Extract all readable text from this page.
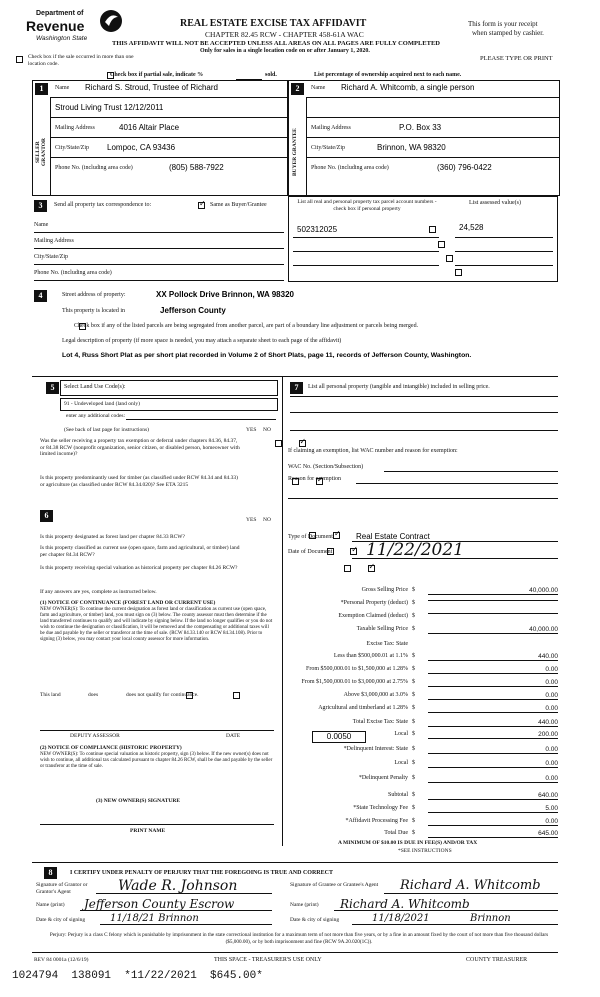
Department of
Revenue
Washington State
REAL ESTATE EXCISE TAX AFFIDAVIT
CHAPTER 82.45 RCW - CHAPTER 458-61A WAC
This form is your receipt
when stamped by cashier.
THIS AFFIDAVIT WILL NOT BE ACCEPTED UNLESS ALL AREAS ON ALL PAGES ARE FULLY COMPLETED
Only for sales in a single location code on or after January 1, 2020.
PLEASE TYPE OR PRINT

Check box if the sale occurred in more than one location code.

Check box if partial sale, indicate %	sold.	List percentage of ownership acquired next to each name.
1
SELLER GRANTOR
Name Richard S. Stroud, Trustee of Richard
Stroud Living Trust 12/12/2011
Mailing Address	4016 Altair Place
City/State/Zip Lompoc, CA 93436
Phone No. (including area code)	(805) 588-7922
2
BUYER GRANTEE
Name Richard A. Whitcomb, a single person
Mailing Address	P.O. Box 33
City/State/Zip	Brinnon, WA 98320
Phone No. (including area code)	(360) 796-0422
3	Send all property tax correspondence to: ✓	Same as Buyer/Grantee
Name
Mailing Address
City/State/Zip
Phone No. (including area code)
List all real and personal property tax parcel account numbers - check box if personal property
List assessed value(s)
502312025
	24,528

4	Street address of property:	XX Pollock Drive Brinnon, WA 98320
This property is located in	Jefferson County

Check box if any of the listed parcels are being segregated from another parcel, are part of a boundary line adjustment or parcels being merged.
Legal description of property (if more space is needed, you may attach a separate sheet to each page of the affidavit)
Lot 4, Russ Short Plat as per short plat recorded in Volume 2 of Short Plats, page 11, records of Jefferson County, Washington.
5	Select Land Use Code(s):
91 - Undeveloped land (land only)
enter any additional codes:
(See back of last page for instructions)	YES NO
Was the seller receiving a property tax exemption or deferral under chapters 84.36, 84.37, or 84.38 RCW (nonprofit organization, senior citizen, or disabled person, homeowner with limited income)?
✓
Is this property predominantly used for timber (as classified under RCW 84.34 and 84.33) or agriculture (as classified under RCW 84.34.020)? See ETA 3215
✓
6	YES NO
Is this property designated as forest land per chapter 84.33 RCW?
✓
Is this property classified as current use (open space, farm and agricultural, or timber) land per chapter 84.34 RCW?
✓
Is this property receiving special valuation as historical property per chapter 84.26 RCW?
✓
If any answers are yes, complete as instructed below.
(1) NOTICE OF CONTINUANCE (FOREST LAND OR CURRENT USE)
NEW OWNER(S): To continue the current designation as forest land or classification as current use (open space, farm and agriculture, or timber) land, you must sign on (3) below. The county assessor must then determine if the land transferred continues to qualify and will indicate by signing below. If the land no longer qualifies or you do not wish to continue the designation or classification, it will be removed and the compensating or additional taxes will be due and payable by the seller or transferor at the time of sale. (RCW 84.33.140 or RCW 84.34.108). Prior to signing (3) below, you may contact your local county assessor for more information.
This land
	does	does not qualify for continuance.
DEPUTY ASSESSOR	DATE
(2) NOTICE OF COMPLIANCE (HISTORIC PROPERTY)
NEW OWNER(S): To continue special valuation as historic property, sign (3) below. If the new owner(s) does not wish to continue, all additional tax calculated pursuant to chapter 84.26 RCW, shall be due and payable by the seller or transferor at the time of sale.
(3) NEW OWNER(S) SIGNATURE
PRINT NAME
7	List all personal property (tangible and intangible) included in selling price.
If claiming an exemption, list WAC number and reason for exemption:
WAC No. (Section/Subsection)
Reason for exemption
Type of Document	Real Estate Contract
Date of Document 11/22/2021
Gross Selling Price $	40,000.00
*Personal Property (deduct) $
Exemption Claimed (deduct) $
Taxable Selling Price $	40,000.00
Excise Tax: State
Less than $500,000.01 at 1.1% $	440.00
From $500,000.01 to $1,500,000 at 1.28% $	0.00
From $1,500,000.01 to $3,000,000 at 2.75% $	0.00
Above $3,000,000 at 3.0% $	0.00
Agricultural and timberland at 1.28% $	0.00
Total Excise Tax: State $	440.00
Local $	200.00
*Delinquent Interest: State $	0.00
Local $	0.00
*Delinquent Penalty $	0.00
Subtotal $	640.00
*State Technology Fee $	5.00
*Affidavit Processing Fee $	0.00
Total Due $	645.00
0.0050
A MINIMUM OF $10.00 IS DUE IN FEE(S) AND/OR TAX
*SEE INSTRUCTIONS
8	I CERTIFY UNDER PENALTY OF PERJURY THAT THE FOREGOING IS TRUE AND CORRECT
Signature of Grantor or Grantor's Agent	Wade R. Johnson
Name (print) Jefferson County Escrow
Date & city of signing 11/18/21 Brinnon
Signature of Grantee or Grantee's Agent	Richard A. Whitcomb
Name (print) Richard A. Whitcomb
Date & city of signing	11/18/2021	Brinnon
Perjury: Perjury is a class C felony which is punishable by imprisonment in the state correctional institution for a maximum term of not more than five years, or by a fine in an amount fixed by the court of not more than five thousand dollars ($5,000.00), or by both imprisonment and fine (RCW 9A.20.020(1C)).
REV 84 0001a (12/6/19)	THIS SPACE - TREASURER'S USE ONLY	COUNTY TREASURER
1024794  138091  *11/22/2021  $645.00*
